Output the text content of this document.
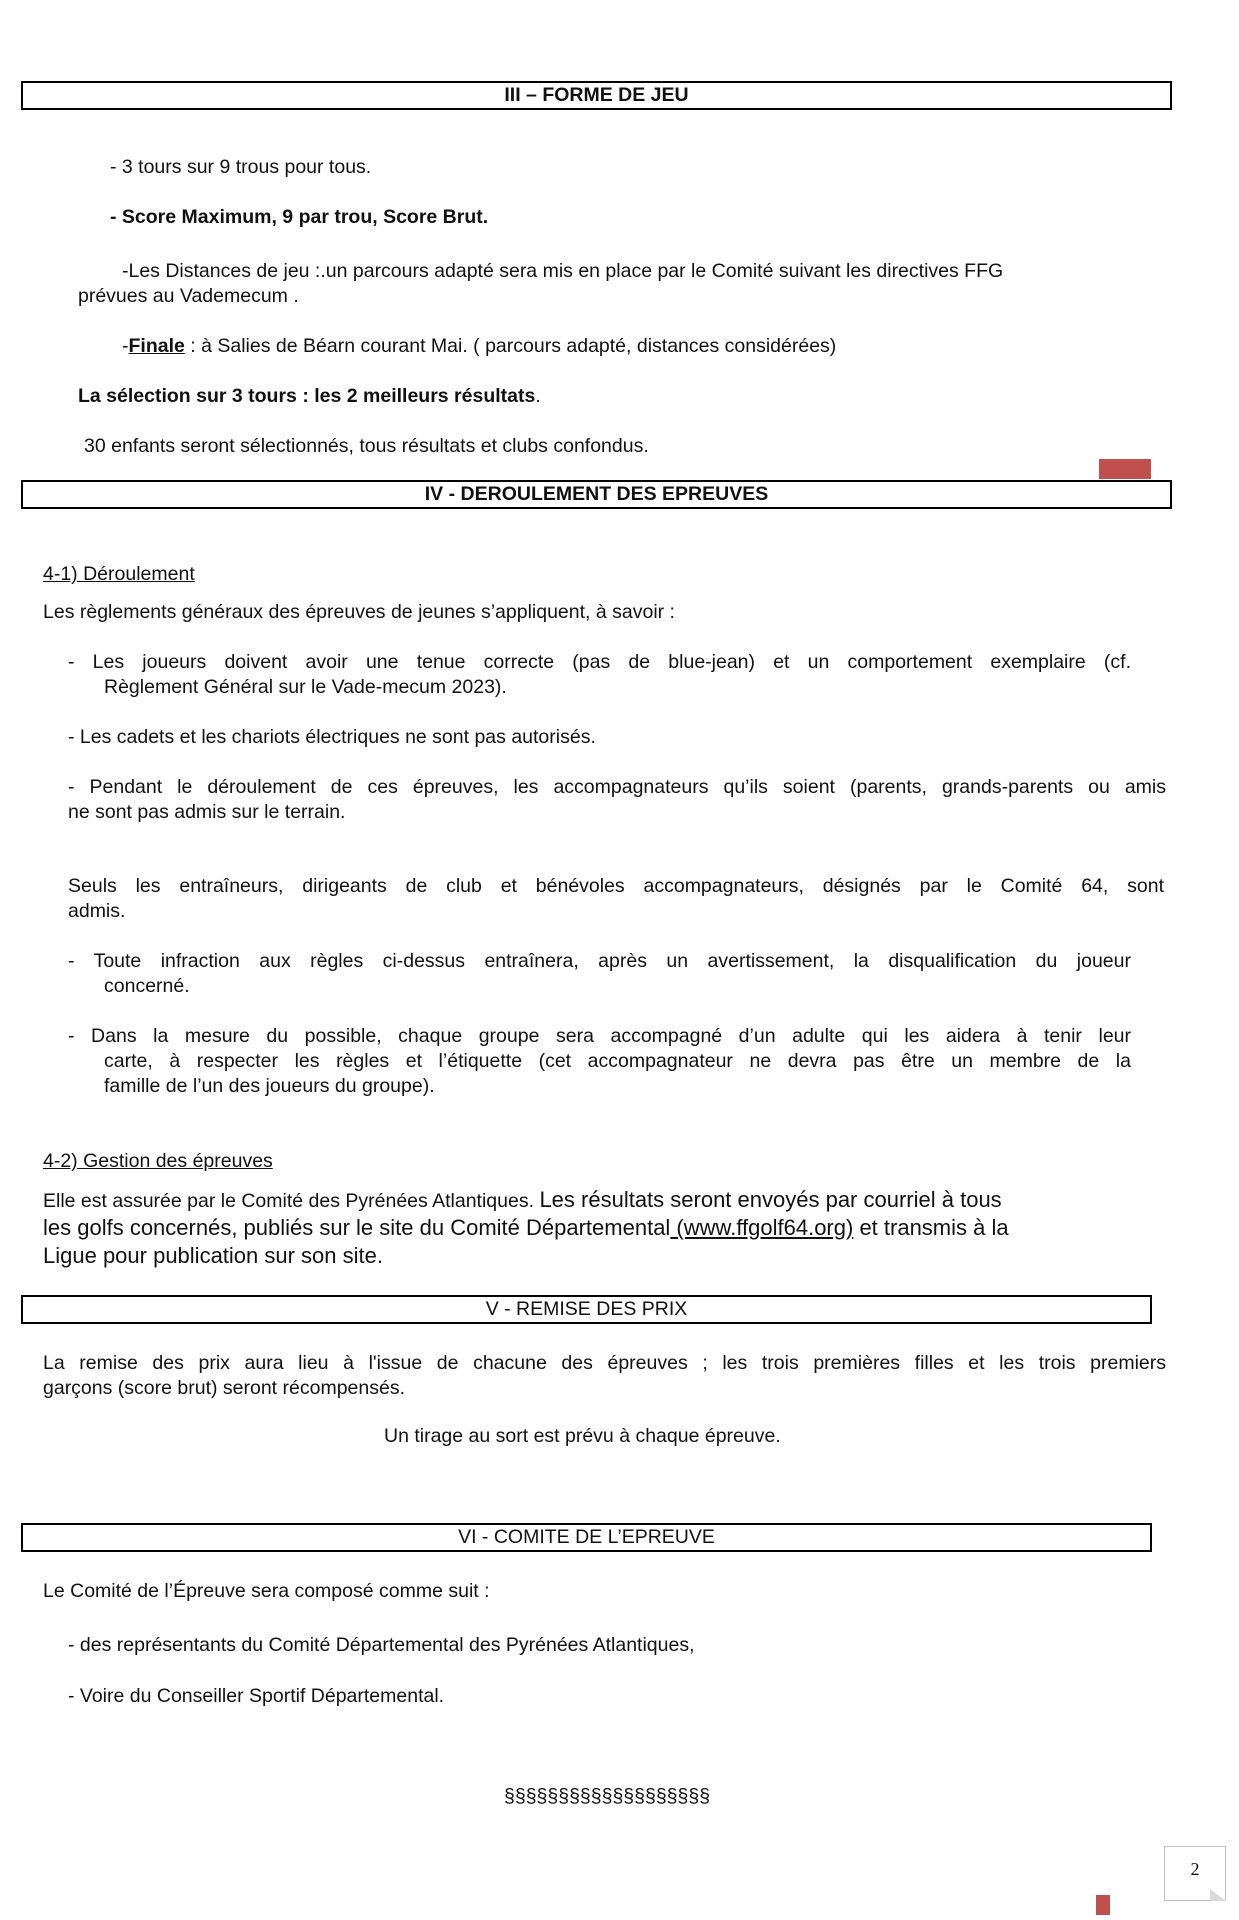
III – FORME DE JEU
- 3 tours sur 9 trous pour tous.
- Score Maximum, 9 par trou, Score Brut.
-Les Distances de jeu :.un parcours adapté sera mis en place par le Comité suivant les directives FFG
prévues au Vademecum .
-Finale : à Salies de Béarn courant Mai. ( parcours adapté, distances considérées)
La sélection sur 3 tours : les 2 meilleurs résultats.
30 enfants seront sélectionnés, tous résultats et clubs confondus.
IV - DEROULEMENT DES EPREUVES
4-1) Déroulement
Les règlements généraux des épreuves de jeunes s’appliquent, à savoir :
- Les joueurs doivent avoir une tenue correcte (pas de blue-jean) et un comportement exemplaire (cf.
Règlement Général sur le Vade-mecum 2023).
- Les cadets et les chariots électriques ne sont pas autorisés.
- Pendant le déroulement de ces épreuves, les accompagnateurs qu’ils soient (parents, grands-parents ou amis
ne sont pas admis sur le terrain.
Seuls les entraîneurs, dirigeants de club et bénévoles accompagnateurs, désignés par le Comité 64, sont
admis.
- Toute infraction aux règles ci-dessus entraînera, après un avertissement, la disqualification du joueur
concerné.
- Dans la mesure du possible, chaque groupe sera accompagné d’un adulte qui les aidera à tenir leur
carte, à respecter les règles et l’étiquette (cet accompagnateur ne devra pas être un membre de la
famille de l’un des joueurs du groupe).
4-2) Gestion des épreuves
Elle est assurée par le Comité des Pyrénées Atlantiques. Les résultats seront envoyés par courriel à tous
les golfs concernés, publiés sur le site du Comité Départemental (www.ffgolf64.org) et transmis à la
Ligue pour publication sur son site.
V - REMISE DES PRIX
La remise des prix aura lieu à l'issue de chacune des épreuves ; les trois premières filles et les trois premiers
garçons (score brut) seront récompensés.
Un tirage au sort est prévu à chaque épreuve.
VI - COMITE DE L’EPREUVE
Le Comité de l’Épreuve sera composé comme suit :
- des représentants du Comité Départemental des Pyrénées Atlantiques,
- Voire du Conseiller Sportif Départemental.
§§§§§§§§§§§§§§§§§§§
2
